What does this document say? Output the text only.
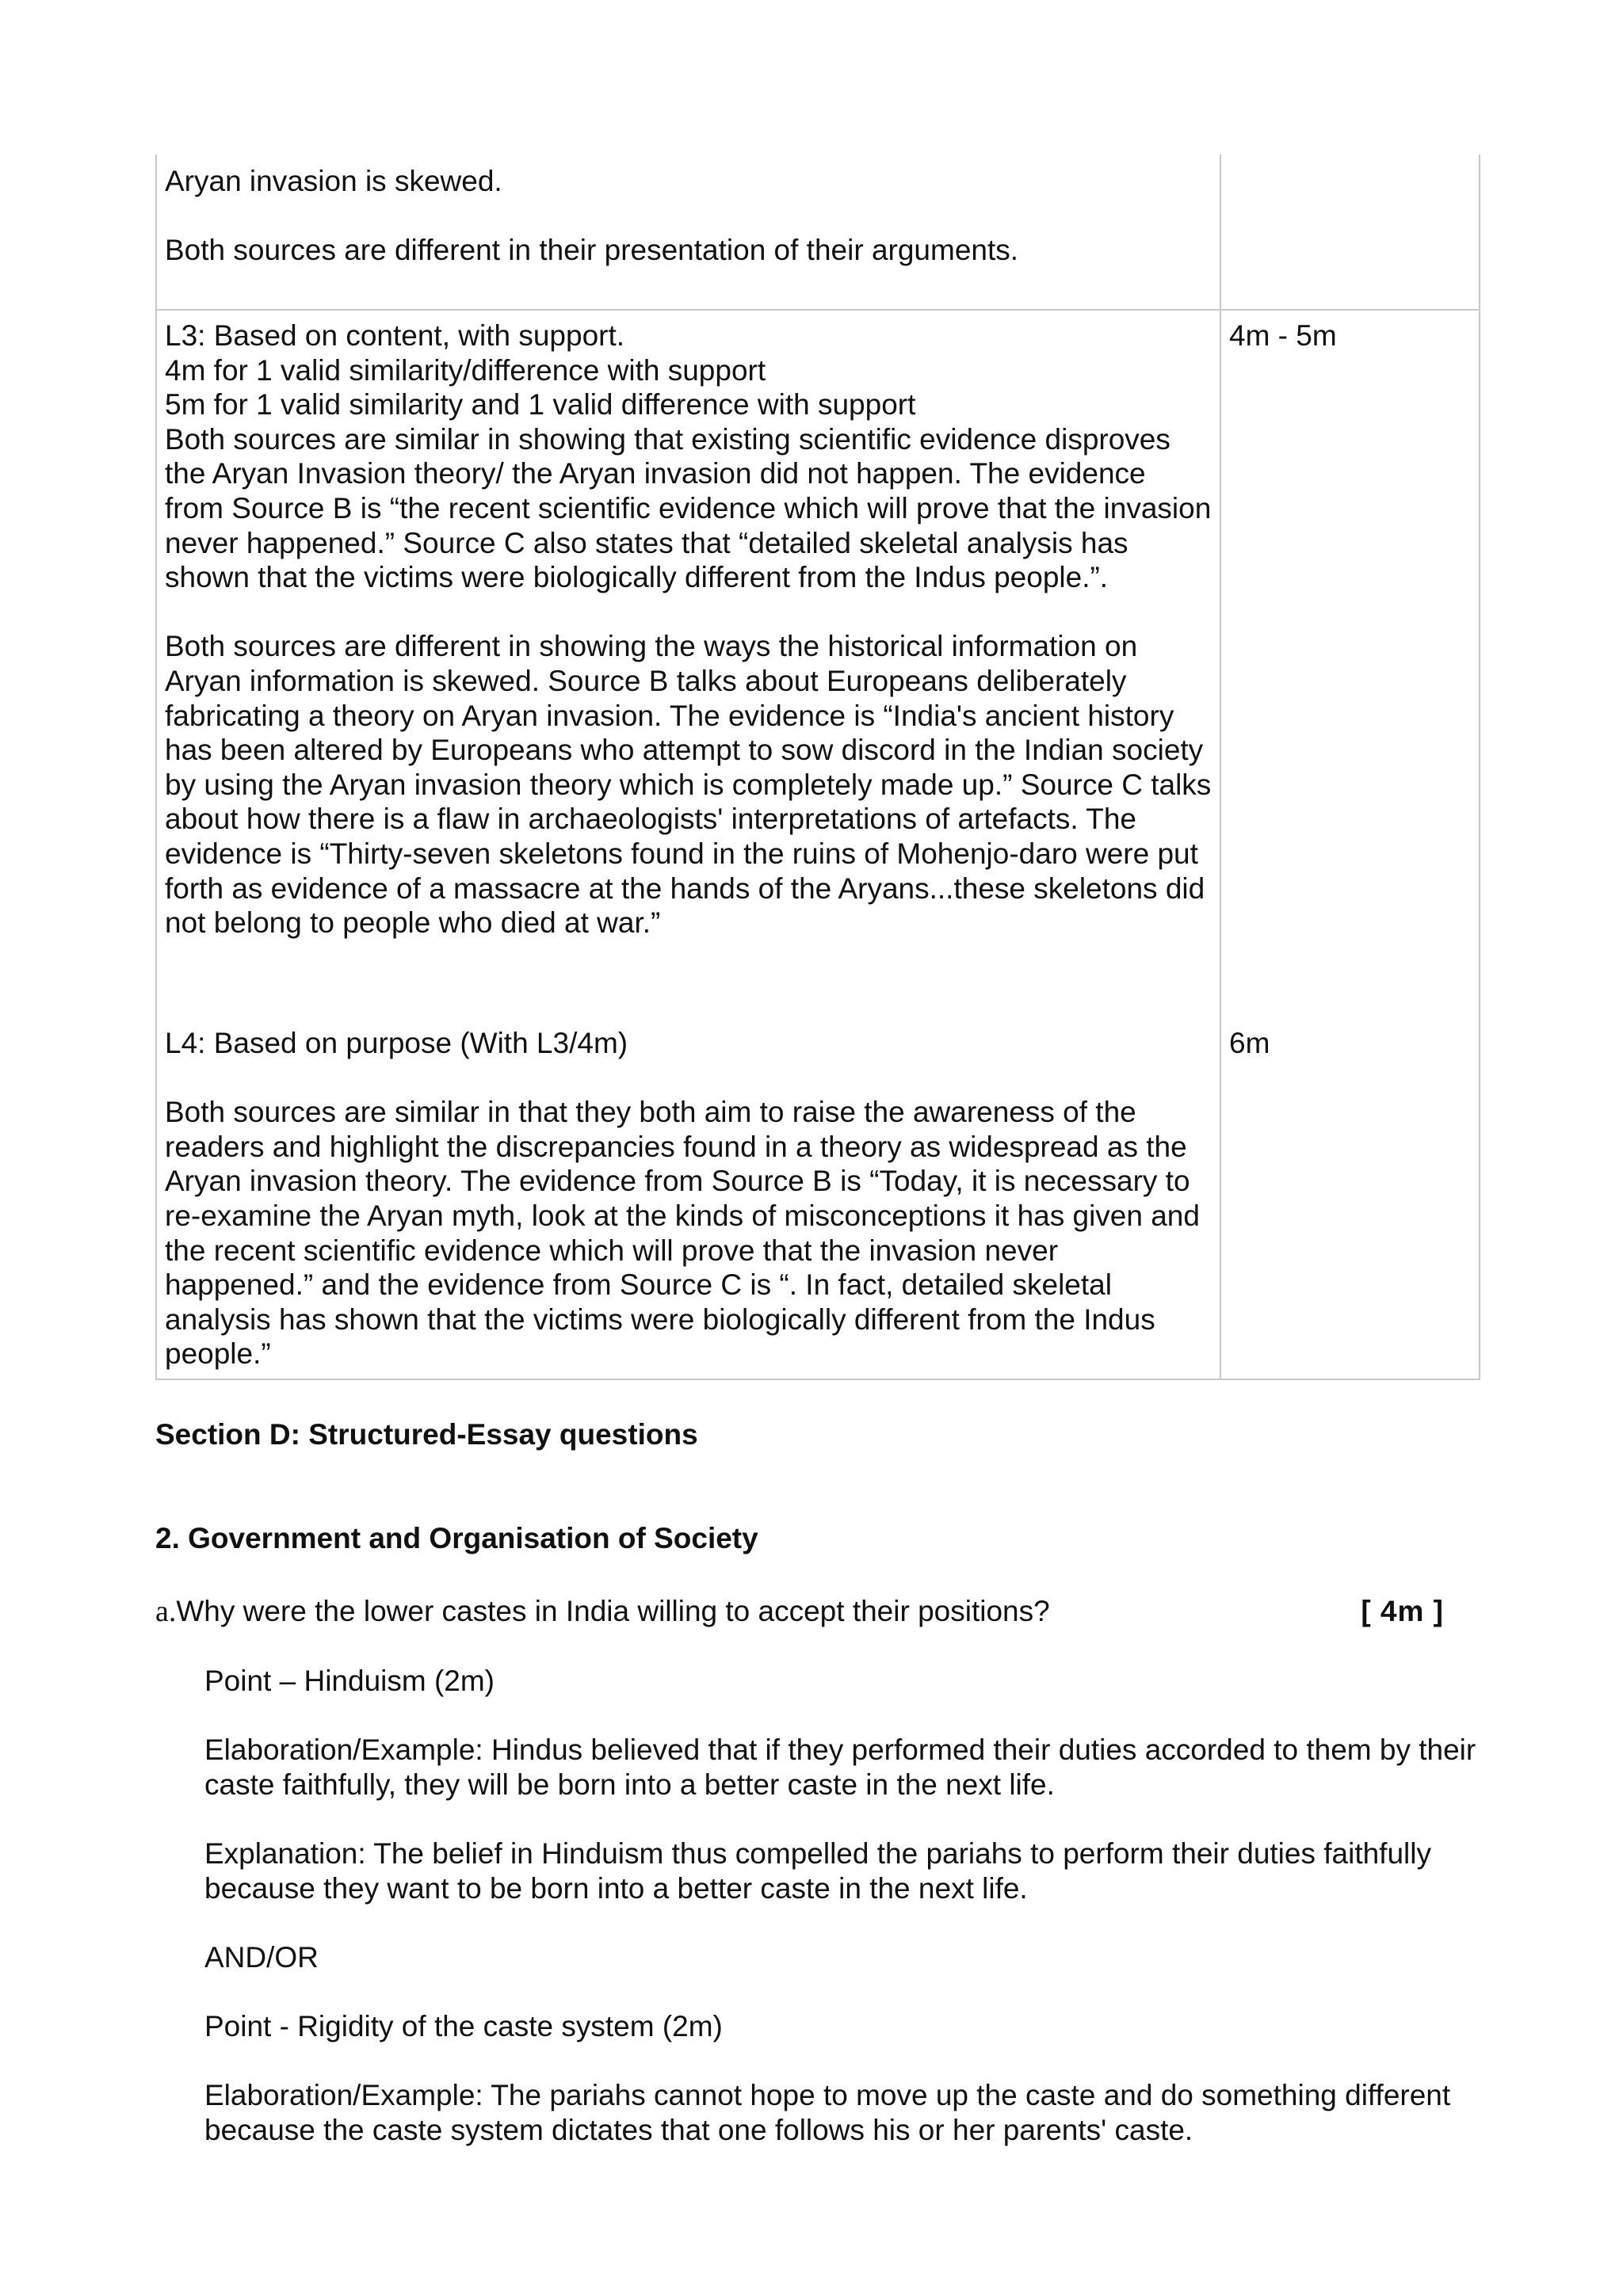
Aryan invasion is skewed.

Both sources are different in their presentation of their arguments.

L3: Based on content, with support.

4m for 1 valid similarity/difference with support

5m for 1 valid similarity and 1 valid difference with support

Both sources are similar in showing that existing scientific evidence disproves the Aryan Invasion theory/ the Aryan invasion did not happen. The evidence from Source B is “the recent scientific evidence which will prove that the invasion never happened.” Source C also states that “detailed skeletal analysis has shown that the victims were biologically different from the Indus people.”.

Both sources are different in showing the ways the historical information on Aryan information is skewed. Source B talks about Europeans deliberately fabricating a theory on Aryan invasion. The evidence is “India's ancient history has been altered by Europeans who attempt to sow discord in the Indian society by using the Aryan invasion theory which is completely made up.” Source C talks about how there is a flaw in archaeologists' interpretations of artefacts. The evidence is “Thirty-seven skeletons found in the ruins of Mohenjo-daro were put forth as evidence of a massacre at the hands of the Aryans...these skeletons did not belong to people who died at war.”

4m - 5m

L4: Based on purpose (With L3/4m)

Both sources are similar in that they both aim to raise the awareness of the readers and highlight the discrepancies found in a theory as widespread as the Aryan invasion theory. The evidence from Source B is “Today, it is necessary to re-examine the Aryan myth, look at the kinds of misconceptions it has given and the recent scientific evidence which will prove that the invasion never happened.” and the evidence from Source C is “. In fact, detailed skeletal analysis has shown that the victims were biologically different from the Indus people.”

6m

Section D: Structured-Essay questions
2. Government and Organisation of Society
a.Why were the lower castes in India willing to accept their positions?	[ 4m ]

Point – Hinduism (2m)

Elaboration/Example: Hindus believed that if they performed their duties accorded to them by their caste faithfully, they will be born into a better caste in the next life.

Explanation: The belief in Hinduism thus compelled the pariahs to perform their duties faithfully because they want to be born into a better caste in the next life.

AND/OR

Point - Rigidity of the caste system (2m)

Elaboration/Example: The pariahs cannot hope to move up the caste and do something different because the caste system dictates that one follows his or her parents' caste.
